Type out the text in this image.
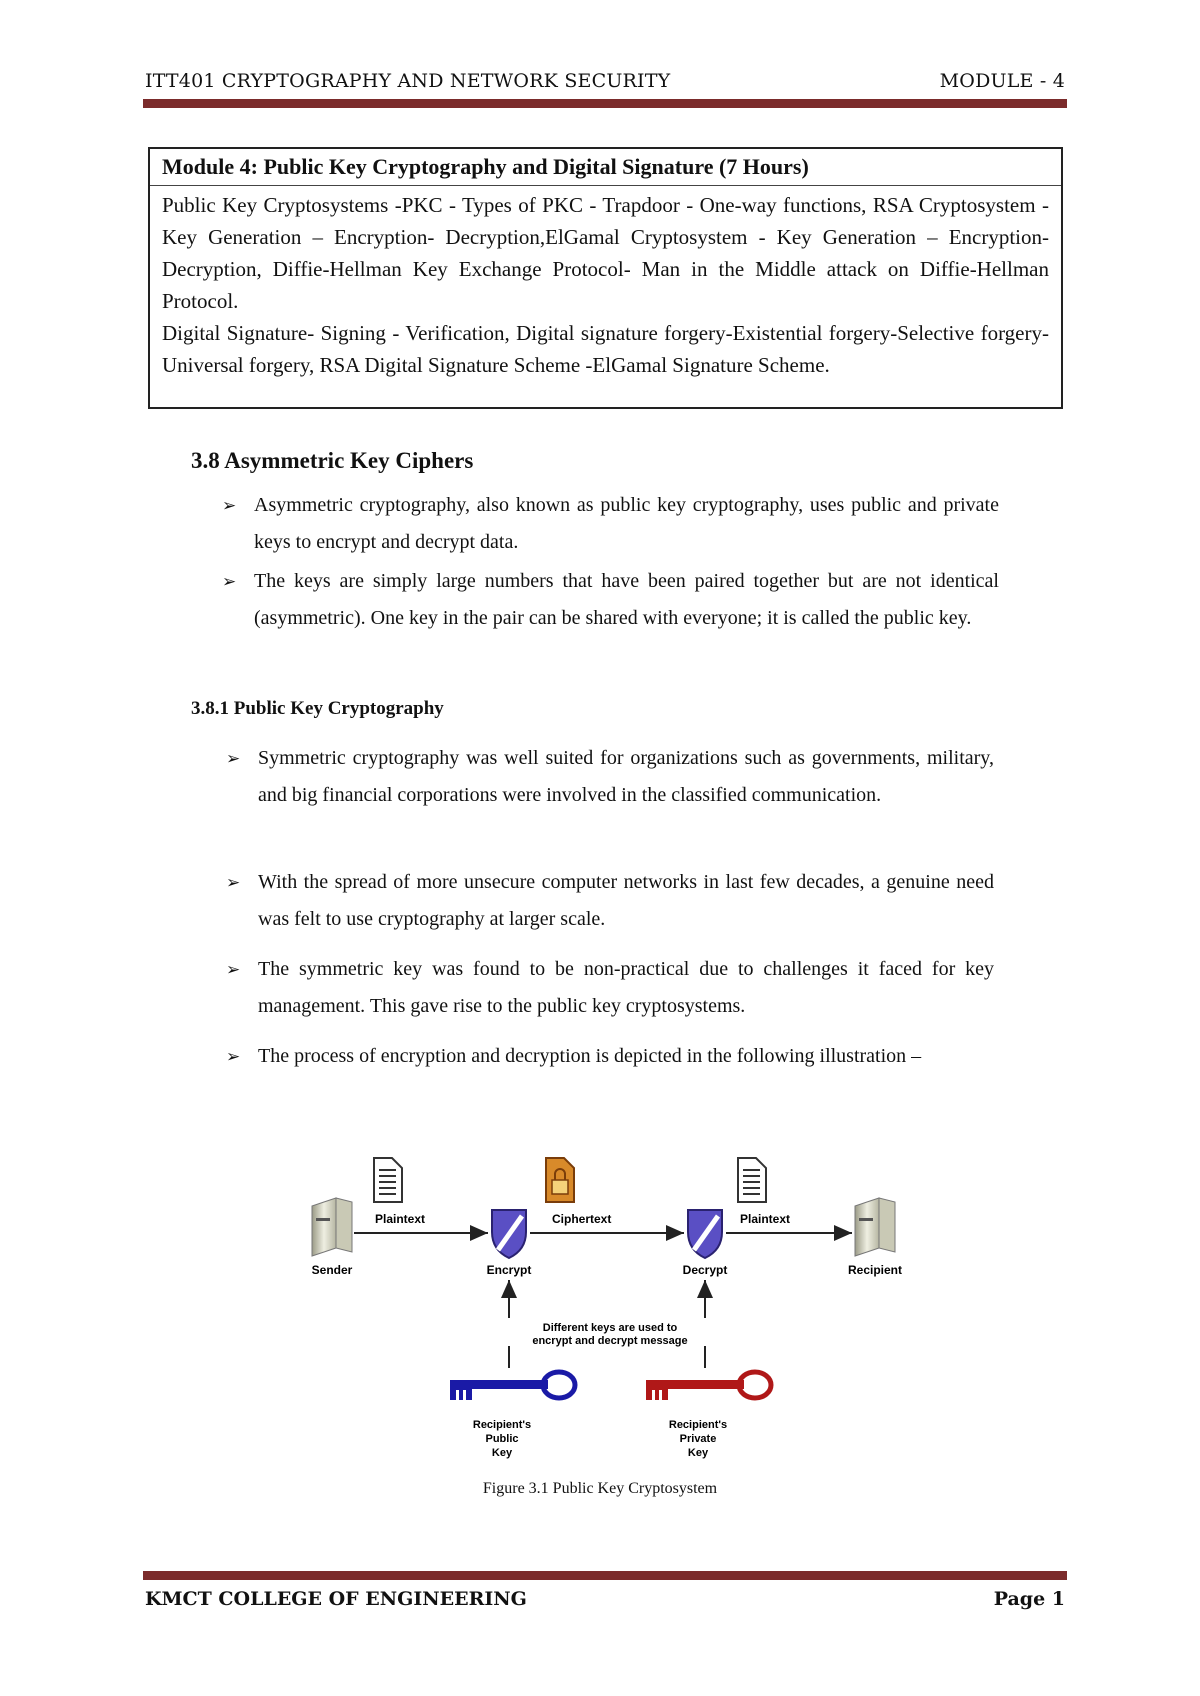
ITT401 CRYPTOGRAPHY AND NETWORK SECURITY	MODULE - 4
Module 4: Public Key Cryptography and Digital Signature (7 Hours)

Public Key Cryptosystems -PKC - Types of PKC - Trapdoor - One-way functions, RSA Cryptosystem -Key Generation – Encryption- Decryption,ElGamal Cryptosystem - Key Generation – Encryption-Decryption, Diffie-Hellman Key Exchange Protocol- Man in the Middle attack on Diffie-Hellman Protocol.

Digital Signature- Signing - Verification, Digital signature forgery-Existential forgery-Selective forgery- Universal forgery, RSA Digital Signature Scheme -ElGamal Signature Scheme.

3.8 Asymmetric Key Ciphers
➢ Asymmetric cryptography, also known as public key cryptography, uses public and private keys to encrypt and decrypt data.
➢ The keys are simply large numbers that have been paired together but are not identical (asymmetric). One key in the pair can be shared with everyone; it is called the public key.
3.8.1 Public Key Cryptography
➢ Symmetric cryptography was well suited for organizations such as governments, military, and big financial corporations were involved in the classified communication.
➢ With the spread of more unsecure computer networks in last few decades, a genuine need was felt to use cryptography at larger scale.
➢ The symmetric key was found to be non-practical due to challenges it faced for key management. This gave rise to the public key cryptosystems.
➢ The process of encryption and decryption is depicted in the following illustration –
Plaintext	Ciphertext	Plaintext
Sender	Encrypt	Decrypt	Recipient
Different keys are used to
encrypt and decrypt message
Recipient's
Public
Key
Recipient's
Private
Key
Figure 3.1 Public Key Cryptosystem
KMCT COLLEGE OF ENGINEERING	Page 1
